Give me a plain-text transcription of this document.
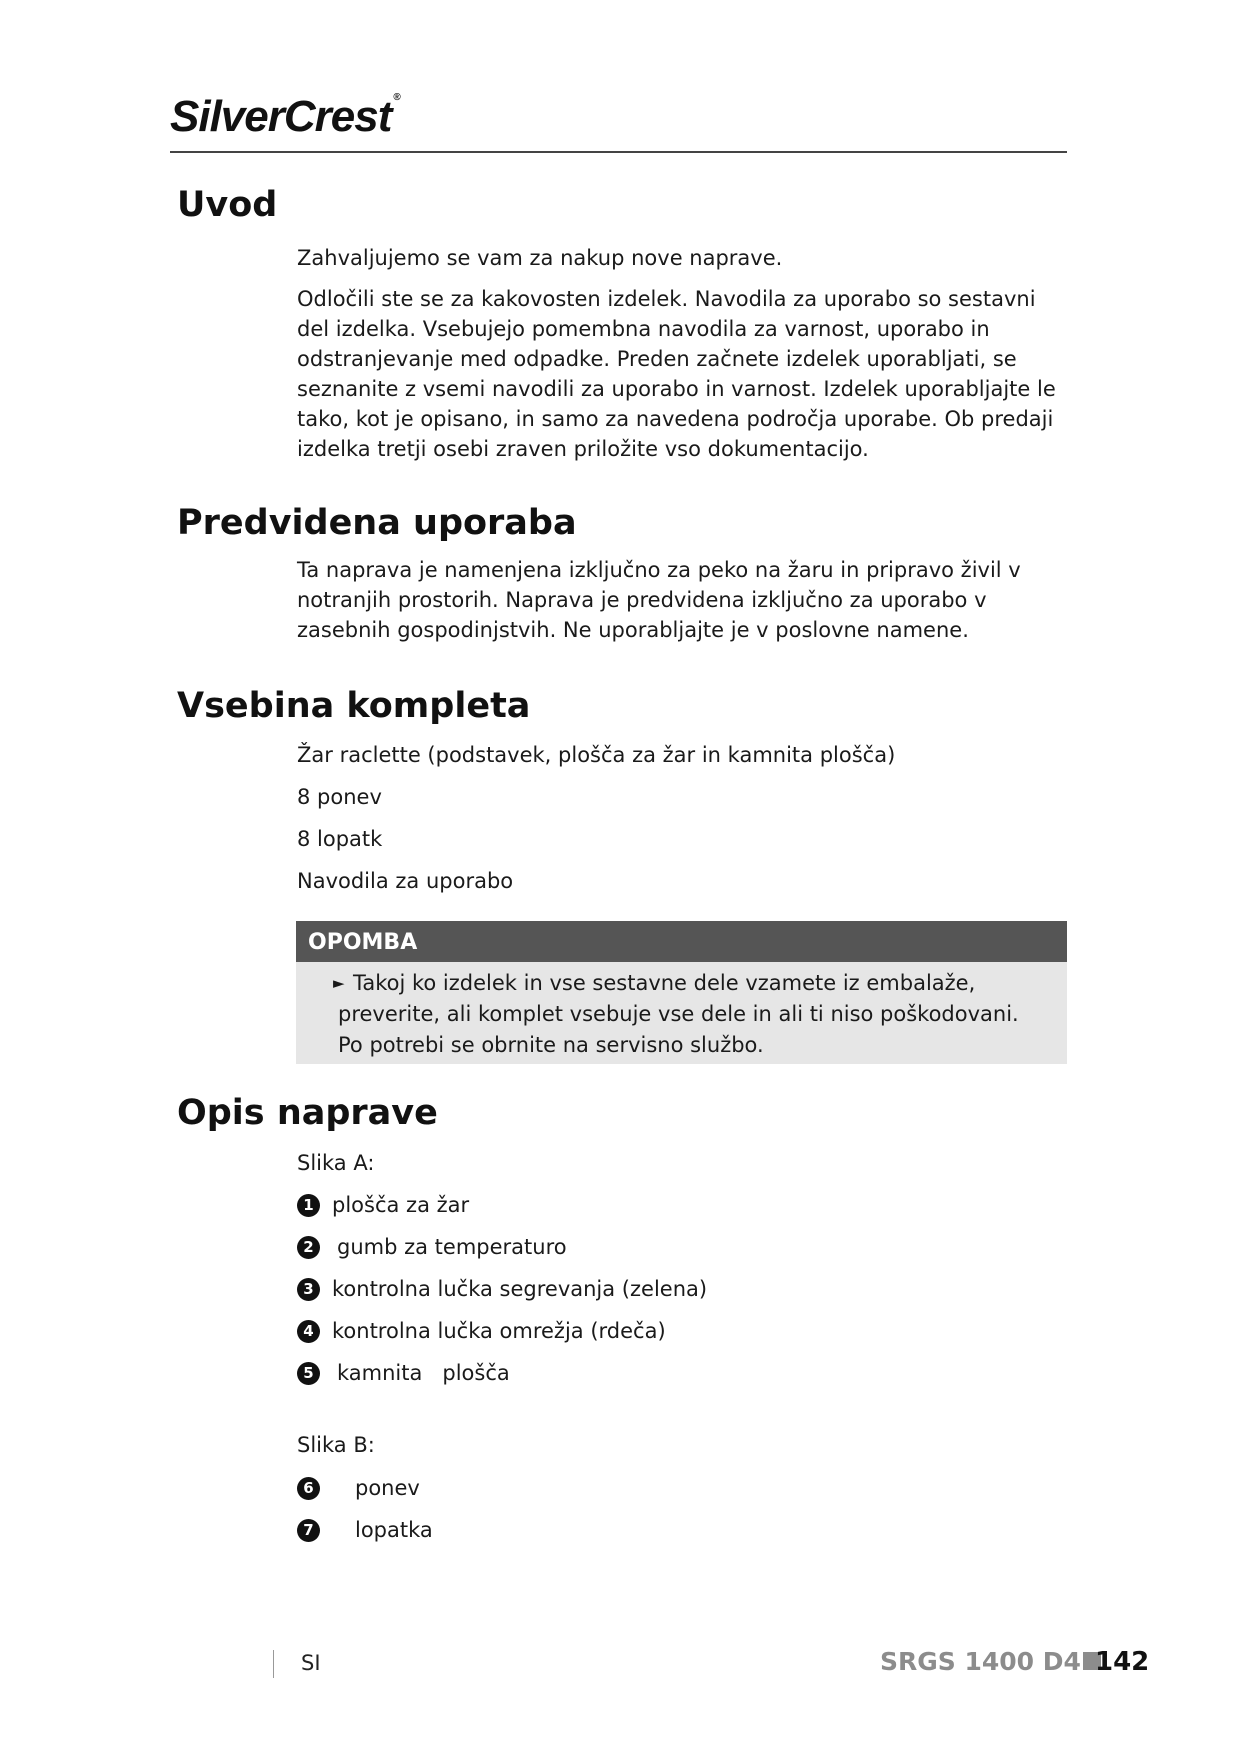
SilverCrest ®
Uvod
Zahvaljujemo se vam za nakup nove naprave.
Odločili ste se za kakovosten izdelek. Navodila za uporabo so sestavni del izdelka. Vsebujejo pomembna navodila za varnost, uporabo in odstranjevanje med odpadke. Preden začnete izdelek uporabljati, se seznanite z vsemi navodili za uporabo in varnost. Izdelek uporabljajte le tako, kot je opisano, in samo za navedena področja uporabe. Ob predaji izdelka tretji osebi zraven priložite vso dokumentacijo.
Predvidena uporaba
Ta naprava je namenjena izključno za peko na žaru in pripravo živil v notranjih prostorih. Naprava je predvidena izključno za uporabo v zasebnih gospodinjstvih. Ne uporabljajte je v poslovne namene.
Vsebina kompleta
Žar raclette (podstavek, plošča za žar in kamnita plošča)
8 ponev
8 lopatk
Navodila za uporabo
OPOMBA
► Takoj ko izdelek in vse sestavne dele vzamete iz embalaže, preverite, ali komplet vsebuje vse dele in ali ti niso poškodovani. Po potrebi se obrnite na servisno službo.
Opis naprave
Slika A:
1 plošča za žar
2 gumb za temperaturo
3 kontrolna lučka segrevanja (zelena)
4 kontrolna lučka omrežja (rdeča)
5 kamnita   plošča
Slika B:
6 ponev
7 lopatka
SI	SRGS 1400 D4 142
